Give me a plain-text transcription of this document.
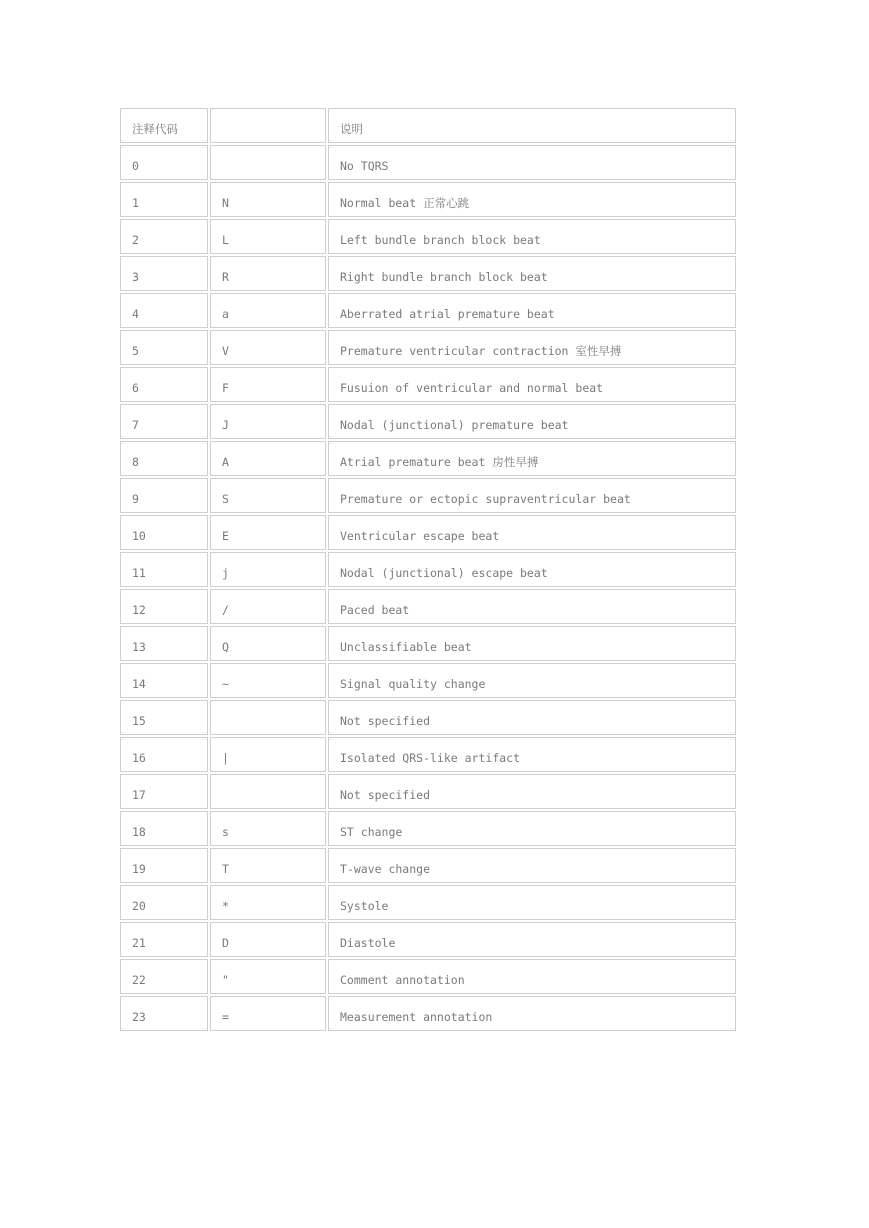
注释代码		说明
0		No TQRS
1	N	Normal beat 正常心跳
2	L	Left bundle branch block beat
3	R	Right bundle branch block beat
4	a	Aberrated atrial premature beat
5	V	Premature ventricular contraction 室性早搏
6	F	Fusuion of ventricular and normal beat
7	J	Nodal (junctional) premature beat
8	A	Atrial premature beat 房性早搏
9	S	Premature or ectopic supraventricular beat
10	E	Ventricular escape beat
11	j	Nodal (junctional) escape beat
12	/	Paced beat
13	Q	Unclassifiable beat
14	~	Signal quality change
15		Not specified
16	|	Isolated QRS-like artifact
17		Not specified
18	s	ST change
19	T	T-wave change
20	*	Systole
21	D	Diastole
22	"	Comment annotation
23	=	Measurement annotation
